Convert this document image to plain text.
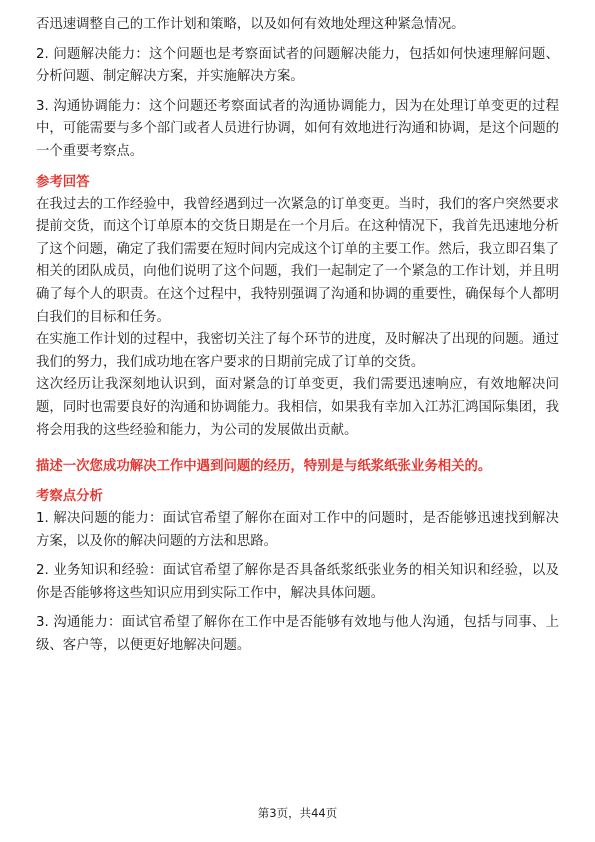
否迅速调整自己的工作计划和策略，以及如何有效地处理这种紧急情况。

2. 问题解决能力：这个问题也是考察面试者的问题解决能力，包括如何快速理解问题、分析问题、制定解决方案，并实施解决方案。

3. 沟通协调能力：这个问题还考察面试者的沟通协调能力，因为在处理订单变更的过程中，可能需要与多个部门或者人员进行协调，如何有效地进行沟通和协调，是这个问题的一个重要考察点。

参考回答

在我过去的工作经验中，我曾经遇到过一次紧急的订单变更。当时，我们的客户突然要求提前交货，而这个订单原本的交货日期是在一个月后。在这种情况下，我首先迅速地分析了这个问题，确定了我们需要在短时间内完成这个订单的主要工作。然后，我立即召集了相关的团队成员，向他们说明了这个问题，我们一起制定了一个紧急的工作计划，并且明确了每个人的职责。在这个过程中，我特别强调了沟通和协调的重要性，确保每个人都明白我们的目标和任务。

在实施工作计划的过程中，我密切关注了每个环节的进度，及时解决了出现的问题。通过我们的努力，我们成功地在客户要求的日期前完成了订单的交货。

这次经历让我深刻地认识到，面对紧急的订单变更，我们需要迅速响应，有效地解决问题，同时也需要良好的沟通和协调能力。我相信，如果我有幸加入江苏汇鸿国际集团，我将会用我的这些经验和能力，为公司的发展做出贡献。

描述一次您成功解决工作中遇到问题的经历，特别是与纸浆纸张业务相关的。
考察点分析

1. 解决问题的能力：面试官希望了解你在面对工作中的问题时，是否能够迅速找到解决方案，以及你的解决问题的方法和思路。

2. 业务知识和经验：面试官希望了解你是否具备纸浆纸张业务的相关知识和经验，以及你是否能够将这些知识应用到实际工作中，解决具体问题。

3. 沟通能力：面试官希望了解你在工作中是否能够有效地与他人沟通，包括与同事、上级、客户等，以便更好地解决问题。

第3页，共44页
